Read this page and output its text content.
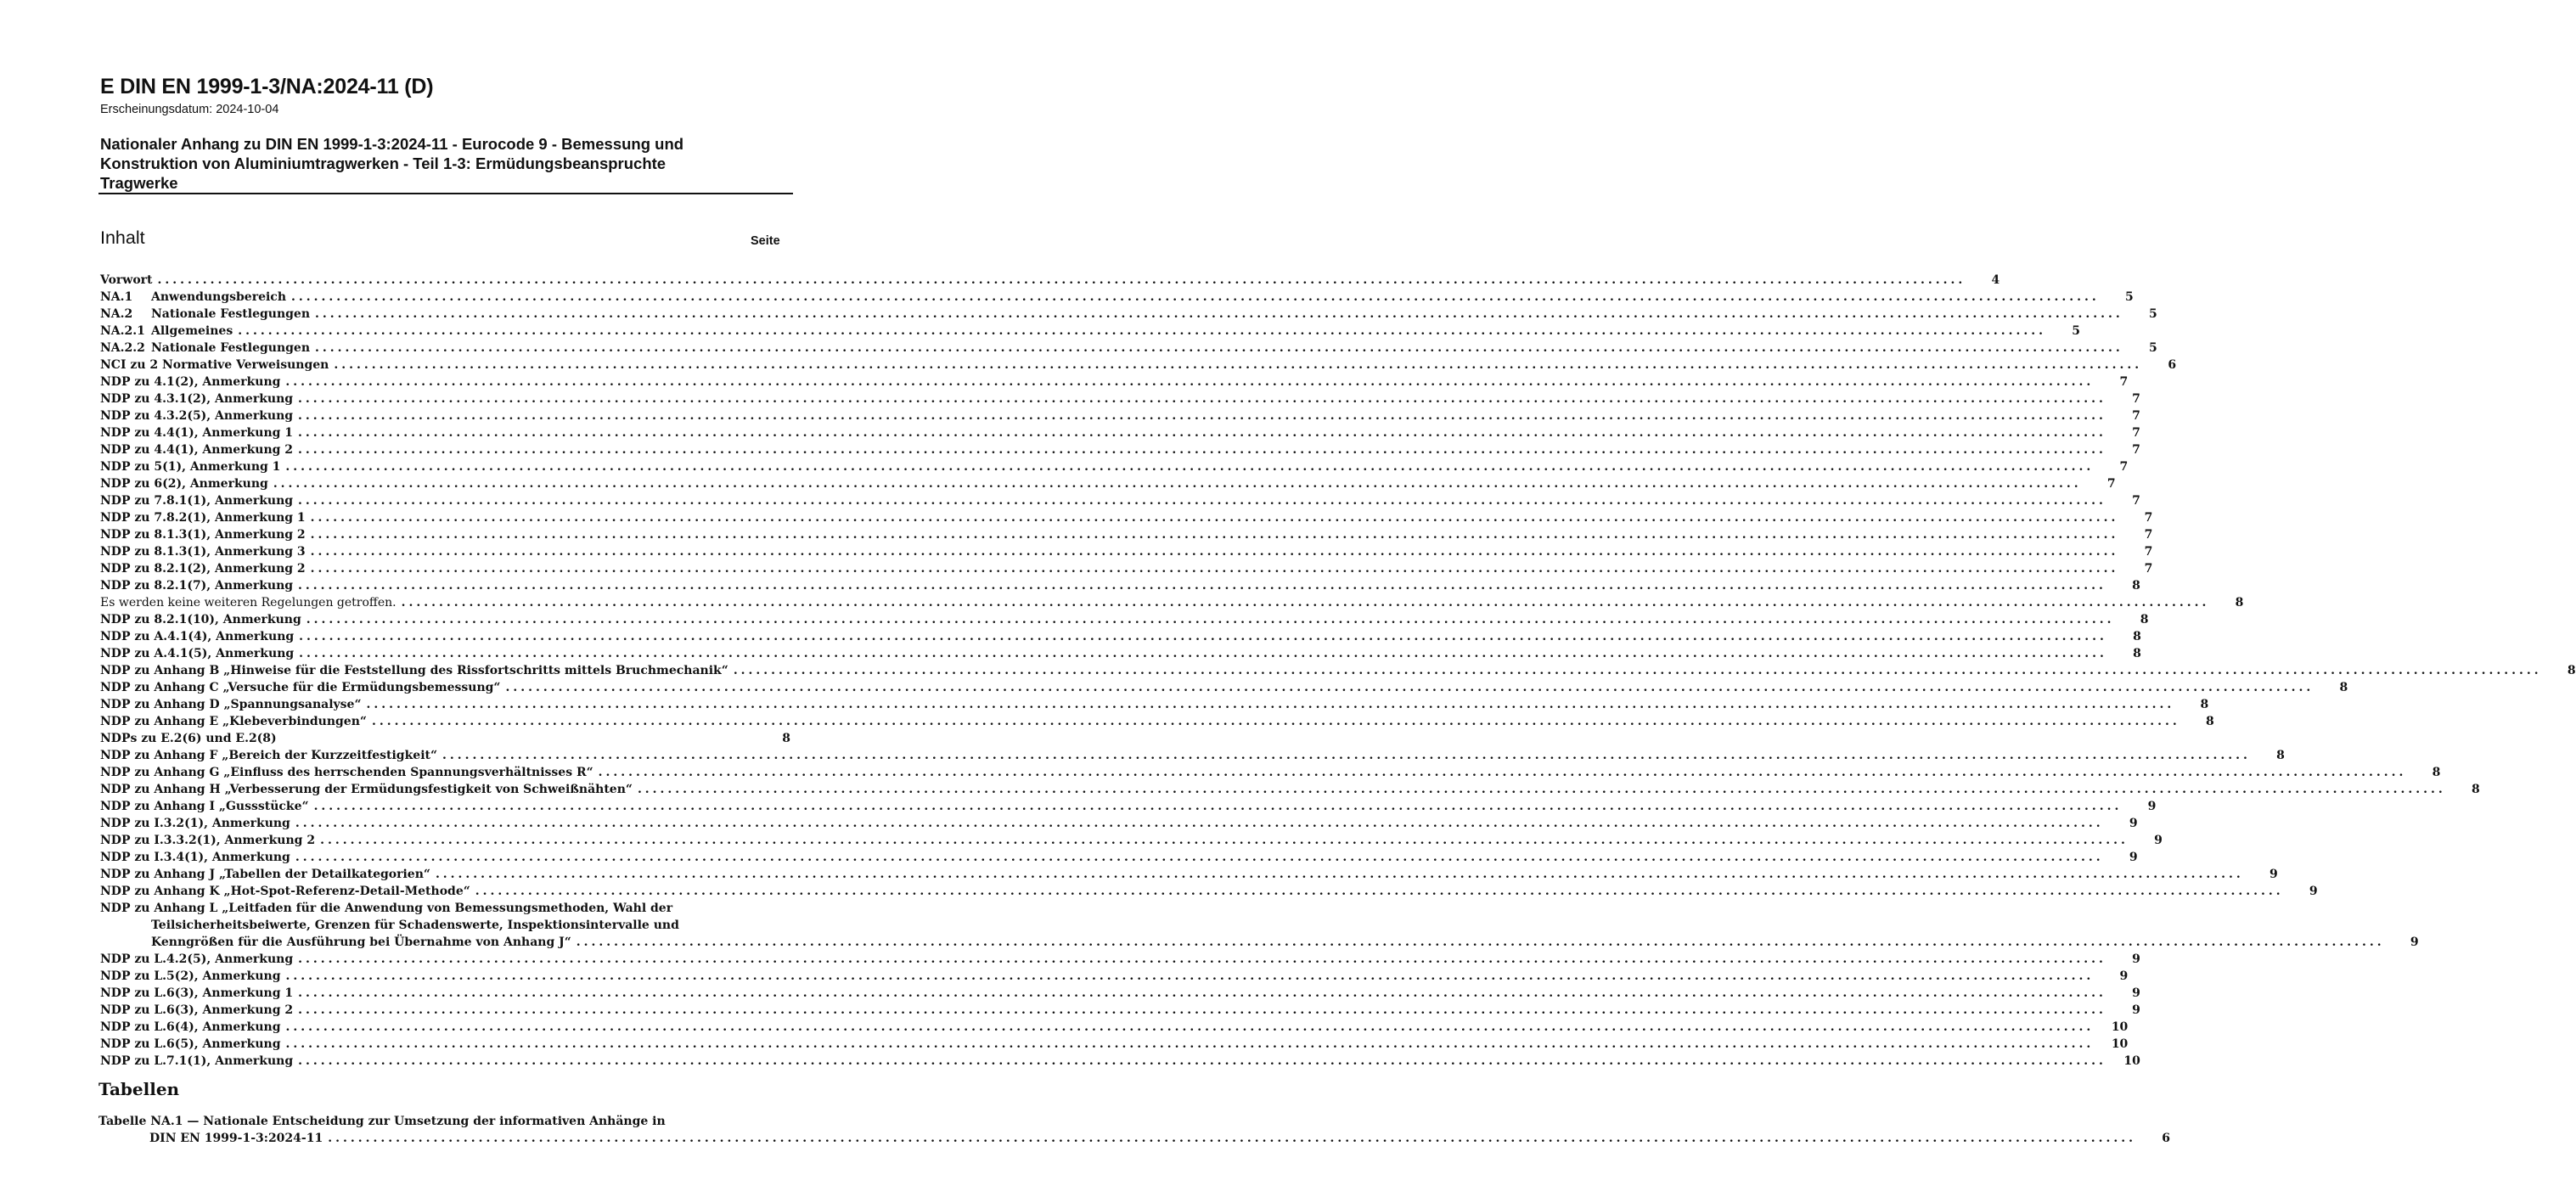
E DIN EN 1999-1-3/NA:2024-11 (D)
Erscheinungsdatum: 2024-10-04
Nationaler Anhang zu DIN EN 1999-1-3:2024-11 - Eurocode 9 - Bemessung und
Konstruktion von Aluminiumtragwerken - Teil 1-3: Ermüdungsbeanspruchte
Tragwerke
Inhalt	Seite
Vorwort .....	4
NA.1 Anwendungsbereich .....	5
NA.2 Nationale Festlegungen .....	5
NA.2.1 Allgemeines .....	5
NA.2.2 Nationale Festlegungen .....	5
NCI zu 2 Normative Verweisungen .....	6
NDP zu 4.1(2), Anmerkung .....	7
NDP zu 4.3.1(2), Anmerkung .....	7
NDP zu 4.3.2(5), Anmerkung .....	7
NDP zu 4.4(1), Anmerkung 1 .....	7
NDP zu 4.4(1), Anmerkung 2 .....	7
NDP zu 5(1), Anmerkung 1 .....	7
NDP zu 6(2), Anmerkung .....	7
NDP zu 7.8.1(1), Anmerkung .....	7
NDP zu 7.8.2(1), Anmerkung 1 .....	7
NDP zu 8.1.3(1), Anmerkung 2 .....	7
NDP zu 8.1.3(1), Anmerkung 3 .....	7
NDP zu 8.2.1(2), Anmerkung 2 .....	7
NDP zu 8.2.1(7), Anmerkung .....	8
Es werden keine weiteren Regelungen getroffen. .....	8
NDP zu 8.2.1(10), Anmerkung .....	8
NDP zu A.4.1(4), Anmerkung .....	8
NDP zu A.4.1(5), Anmerkung .....	8
NDP zu Anhang B „Hinweise für die Feststellung des Rissfortschritts mittels Bruchmechanik“ .....	8
NDP zu Anhang C „Versuche für die Ermüdungsbemessung“ .....	8
NDP zu Anhang D „Spannungsanalyse“ .....	8
NDP zu Anhang E „Klebeverbindungen“ .....	8
NDPs zu E.2(6) und E.2(8)	8
NDP zu Anhang F „Bereich der Kurzzeitfestigkeit“ .....	8
NDP zu Anhang G „Einfluss des herrschenden Spannungsverhältnisses R“ .....	8
NDP zu Anhang H „Verbesserung der Ermüdungsfestigkeit von Schweißnähten“ .....	8
NDP zu Anhang I „Gussstücke“ .....	9
NDP zu I.3.2(1), Anmerkung .....	9
NDP zu I.3.3.2(1), Anmerkung 2 .....	9
NDP zu I.3.4(1), Anmerkung .....	9
NDP zu Anhang J „Tabellen der Detailkategorien“ .....	9
NDP zu Anhang K „Hot-Spot-Referenz-Detail-Methode“ .....	9
NDP zu Anhang L „Leitfaden für die Anwendung von Bemessungsmethoden, Wahl der
Teilsicherheitsbeiwerte, Grenzen für Schadenswerte, Inspektionsintervalle und
Kenngrößen für die Ausführung bei Übernahme von Anhang J“ .....	9
NDP zu L.4.2(5), Anmerkung .....	9
NDP zu L.5(2), Anmerkung .....	9
NDP zu L.6(3), Anmerkung 1 .....	9
NDP zu L.6(3), Anmerkung 2 .....	9
NDP zu L.6(4), Anmerkung .....	10
NDP zu L.6(5), Anmerkung .....	10
NDP zu L.7.1(1), Anmerkung .....	10
Tabellen
Tabelle NA.1 — Nationale Entscheidung zur Umsetzung der informativen Anhänge in
DIN EN 1999-1-3:2024-11 .....	6
